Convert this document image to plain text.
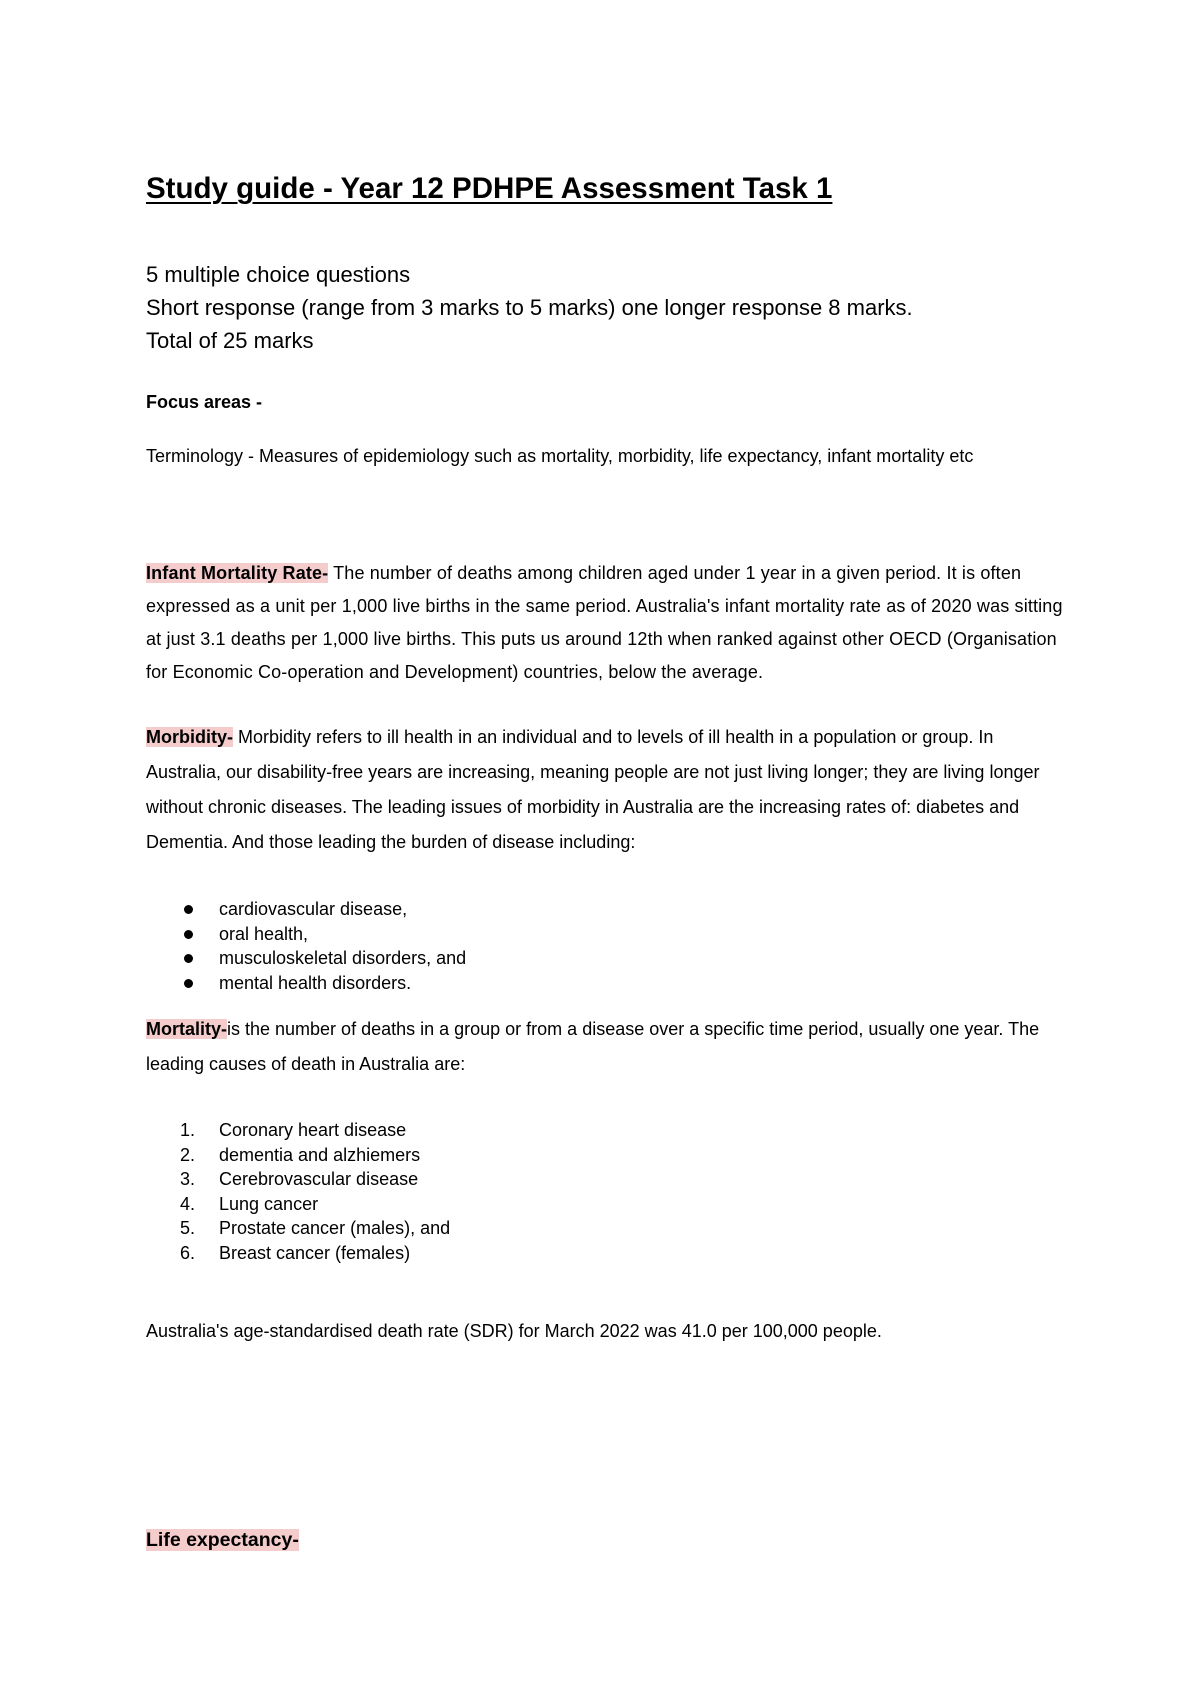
Study guide - Year 12 PDHPE Assessment Task 1
5 multiple choice questions
Short response (range from 3 marks to 5 marks) one longer response 8 marks.
Total of 25 marks
Focus areas -
Terminology - Measures of epidemiology such as mortality, morbidity, life expectancy, infant mortality etc

Infant Mortality Rate- The number of deaths among children aged under 1 year in a given period. It is often expressed as a unit per 1,000 live births in the same period. Australia's infant mortality rate as of 2020 was sitting at just 3.1 deaths per 1,000 live births. This puts us around 12th when ranked against other OECD (Organisation for Economic Co-operation and Development) countries, below the average.

Morbidity- Morbidity refers to ill health in an individual and to levels of ill health in a population or group. In Australia, our disability-free years are increasing, meaning people are not just living longer; they are living longer without chronic diseases. The leading issues of morbidity in Australia are the increasing rates of: diabetes and Dementia. And those leading the burden of disease including:

cardiovascular disease,
oral health,
musculoskeletal disorders, and
mental health disorders.

Mortality-is the number of deaths in a group or from a disease over a specific time period, usually one year. The leading causes of death in Australia are:

1.	Coronary heart disease
2.	dementia and alzhiemers
3.	Cerebrovascular disease
4.	Lung cancer
5.	Prostate cancer (males), and
6.	Breast cancer (females)
Australia's age-standardised death rate (SDR) for March 2022 was 41.0 per 100,000 people.
Life expectancy-
